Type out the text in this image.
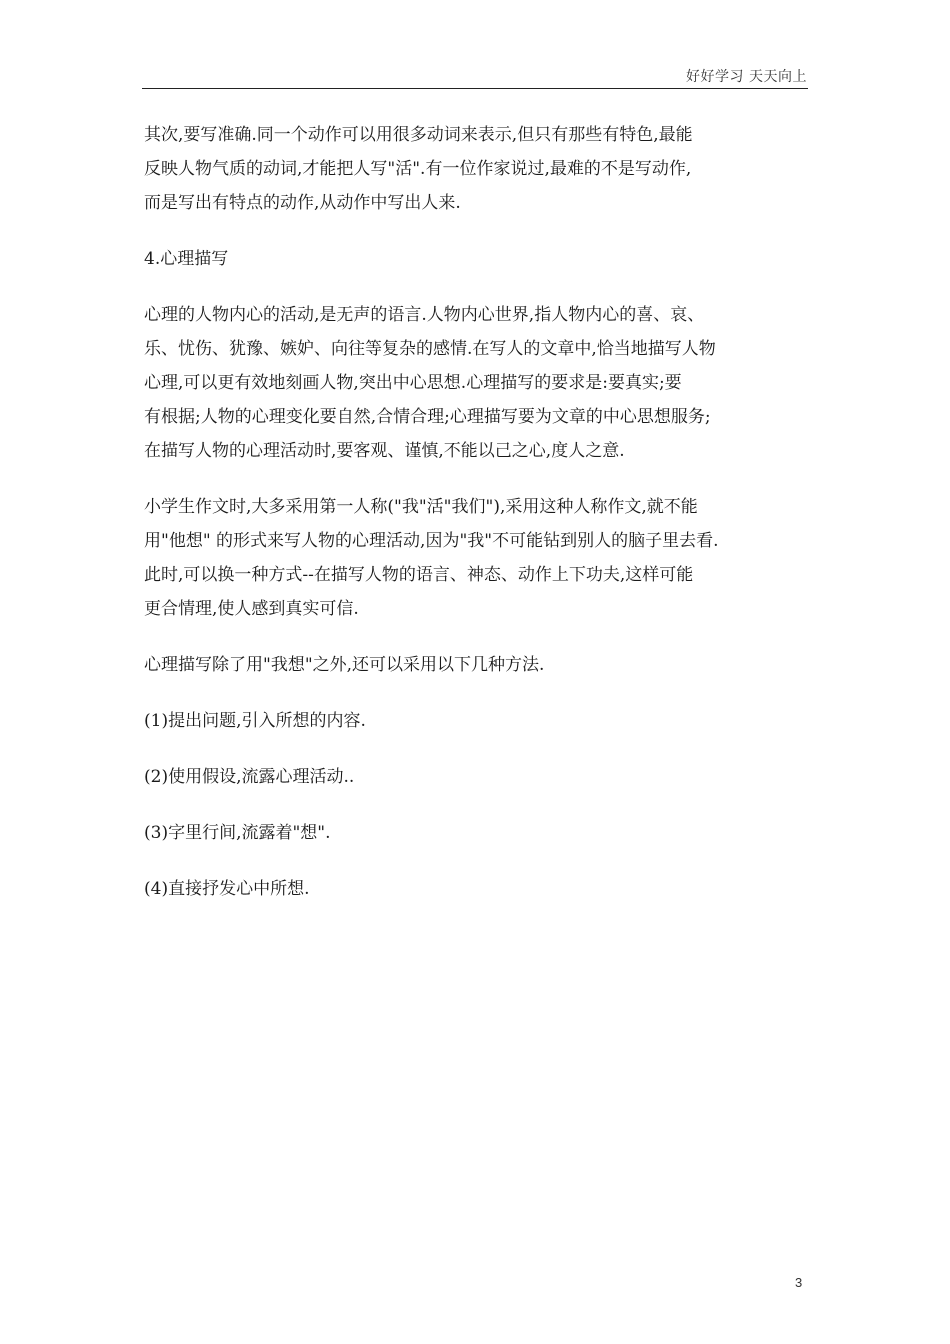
好好学习 天天向上

其次,要写准确.同一个动作可以用很多动词来表示,但只有那些有特色,最能
反映人物气质的动词,才能把人写"活".有一位作家说过,最难的不是写动作,
而是写出有特点的动作,从动作中写出人来.

4.心理描写

心理的人物内心的活动,是无声的语言.人物内心世界,指人物内心的喜、哀、
乐、忧伤、犹豫、嫉妒、向往等复杂的感情.在写人的文章中,恰当地描写人物
心理,可以更有效地刻画人物,突出中心思想.心理描写的要求是:要真实;要
有根据;人物的心理变化要自然,合情合理;心理描写要为文章的中心思想服务;
在描写人物的心理活动时,要客观、谨慎,不能以己之心,度人之意.

小学生作文时,大多采用第一人称("我"活"我们"),采用这种人称作文,就不能
用"他想" 的形式来写人物的心理活动,因为"我"不可能钻到别人的脑子里去看.
此时,可以换一种方式--在描写人物的语言、神态、动作上下功夫,这样可能
更合情理,使人感到真实可信.

心理描写除了用"我想"之外,还可以采用以下几种方法.

(1)提出问题,引入所想的内容.

(2)使用假设,流露心理活动..

(3)字里行间,流露着"想".

(4)直接抒发心中所想.

3
